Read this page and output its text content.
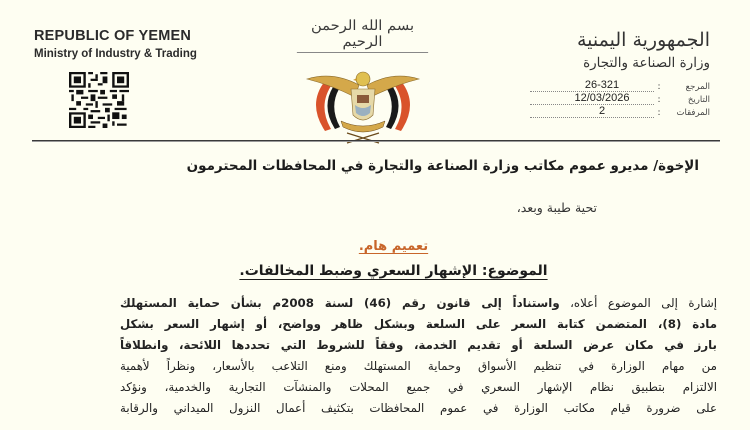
REPUBLIC OF YEMEN
Ministry of Industry & Trading
بسم الله الرحمن الرحيم	الجمهورية اليمنية
وزارة الصناعة والتجارة
المرجع
:
26-321
التاريخ
:
12/03/2026
المرفقات
:
2
الإخوة/ مديرو عموم مكاتب وزارة الصناعة والتجارة في المحافظات المحترمون
تحية طيبة وبعد،
تعميم هام.
الموضوع: الإشهار السعري وضبط المخالفات.
إشارة إلى الموضوع أعلاه، واستناداً إلى قانون رقم (46) لسنة 2008م بشأن حماية المستهلك
مادة (8)، المتضمن كتابة السعر على السلعة وبشكل ظاهر وواضح، أو إشهار السعر بشكل
بارز في مكان عرض السلعة أو تقديم الخدمة، وفقاً للشروط التي تحددها اللائحة، وانطلاقاً
من مهام الوزارة في تنظيم الأسواق وحماية المستهلك ومنع التلاعب بالأسعار، ونظراً لأهمية
الالتزام بتطبيق نظام الإشهار السعري في جميع المحلات والمنشآت التجارية والخدمية، ونؤكد
على ضرورة قيام مكاتب الوزارة في عموم المحافظات بتكثيف أعمال النزول الميداني والرقابة
